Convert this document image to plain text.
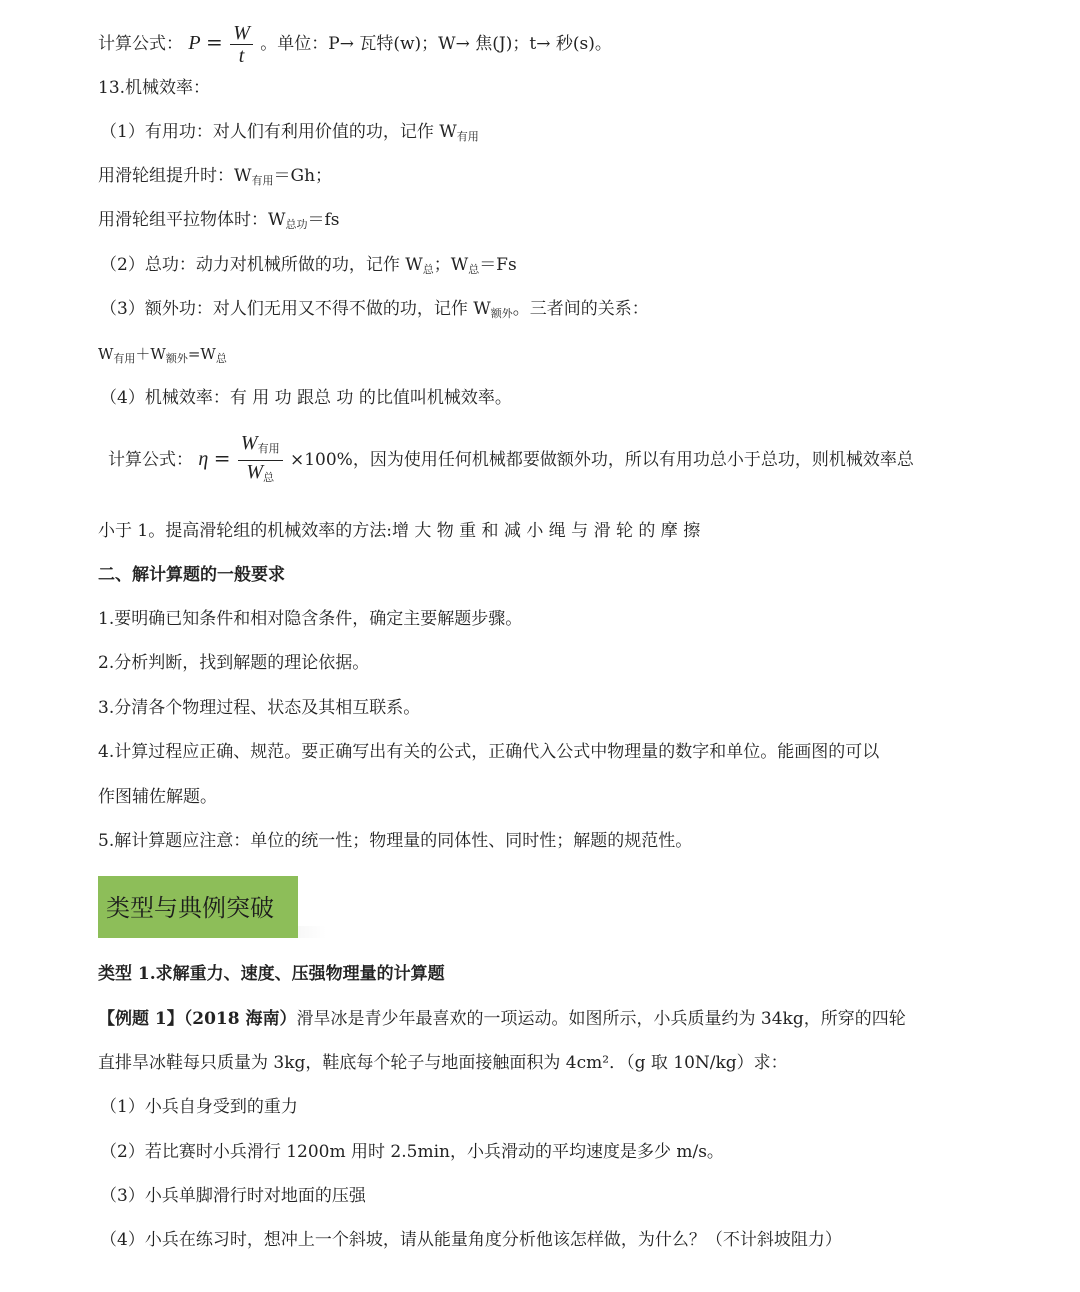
计算公式： $P = \frac{W}{t}$ 。单位：P→ 瓦特(w)；W→ 焦(J)；t→ 秒(s)。
13.机械效率：
（1）有用功：对人们有利用价值的功，记作 $W_{有用}$
用滑轮组提升时：$W_{有用}=Gh$；
用滑轮组平拉物体时：$W_{总功}=fs$
（2）总功：动力对机械所做的功，记作 $W_总$；$W_总=Fs$
（3）额外功：对人们无用又不得不做的功，记作 $W_{额外}$。三者间的关系：
$W_{有用}+W_{额外}=W_总$
（4）机械效率：有 用 功 跟总 功 的比值叫机械效率。
计算公式： $\eta = \frac{W_{有用}}{W_总} \times 100\%$，因为使用任何机械都要做额外功，所以有用功总小于总功，则机械效率总
小于 1。提高滑轮组的机械效率的方法:增 大 物 重 和 减 小 绳 与 滑 轮 的 摩 擦
二、解计算题的一般要求
1.要明确已知条件和相对隐含条件，确定主要解题步骤。
2.分析判断，找到解题的理论依据。
3.分清各个物理过程、状态及其相互联系。
4.计算过程应正确、规范。要正确写出有关的公式，正确代入公式中物理量的数字和单位。能画图的可以
作图辅佐解题。
5.解计算题应注意：单位的统一性；物理量的同体性、同时性；解题的规范性。
类型与典例突破
类型 1.求解重力、速度、压强物理量的计算题
【例题 1】（2018 海南）滑旱冰是青少年最喜欢的一项运动。如图所示，小兵质量约为 34kg，所穿的四轮
直排旱冰鞋每只质量为 3kg，鞋底每个轮子与地面接触面积为 4cm²．（g 取 10N/kg）求：
（1）小兵自身受到的重力
（2）若比赛时小兵滑行 1200m 用时 2.5min，小兵滑动的平均速度是多少 m/s。
（3）小兵单脚滑行时对地面的压强
（4）小兵在练习时，想冲上一个斜坡，请从能量角度分析他该怎样做，为什么？（不计斜坡阻力）
